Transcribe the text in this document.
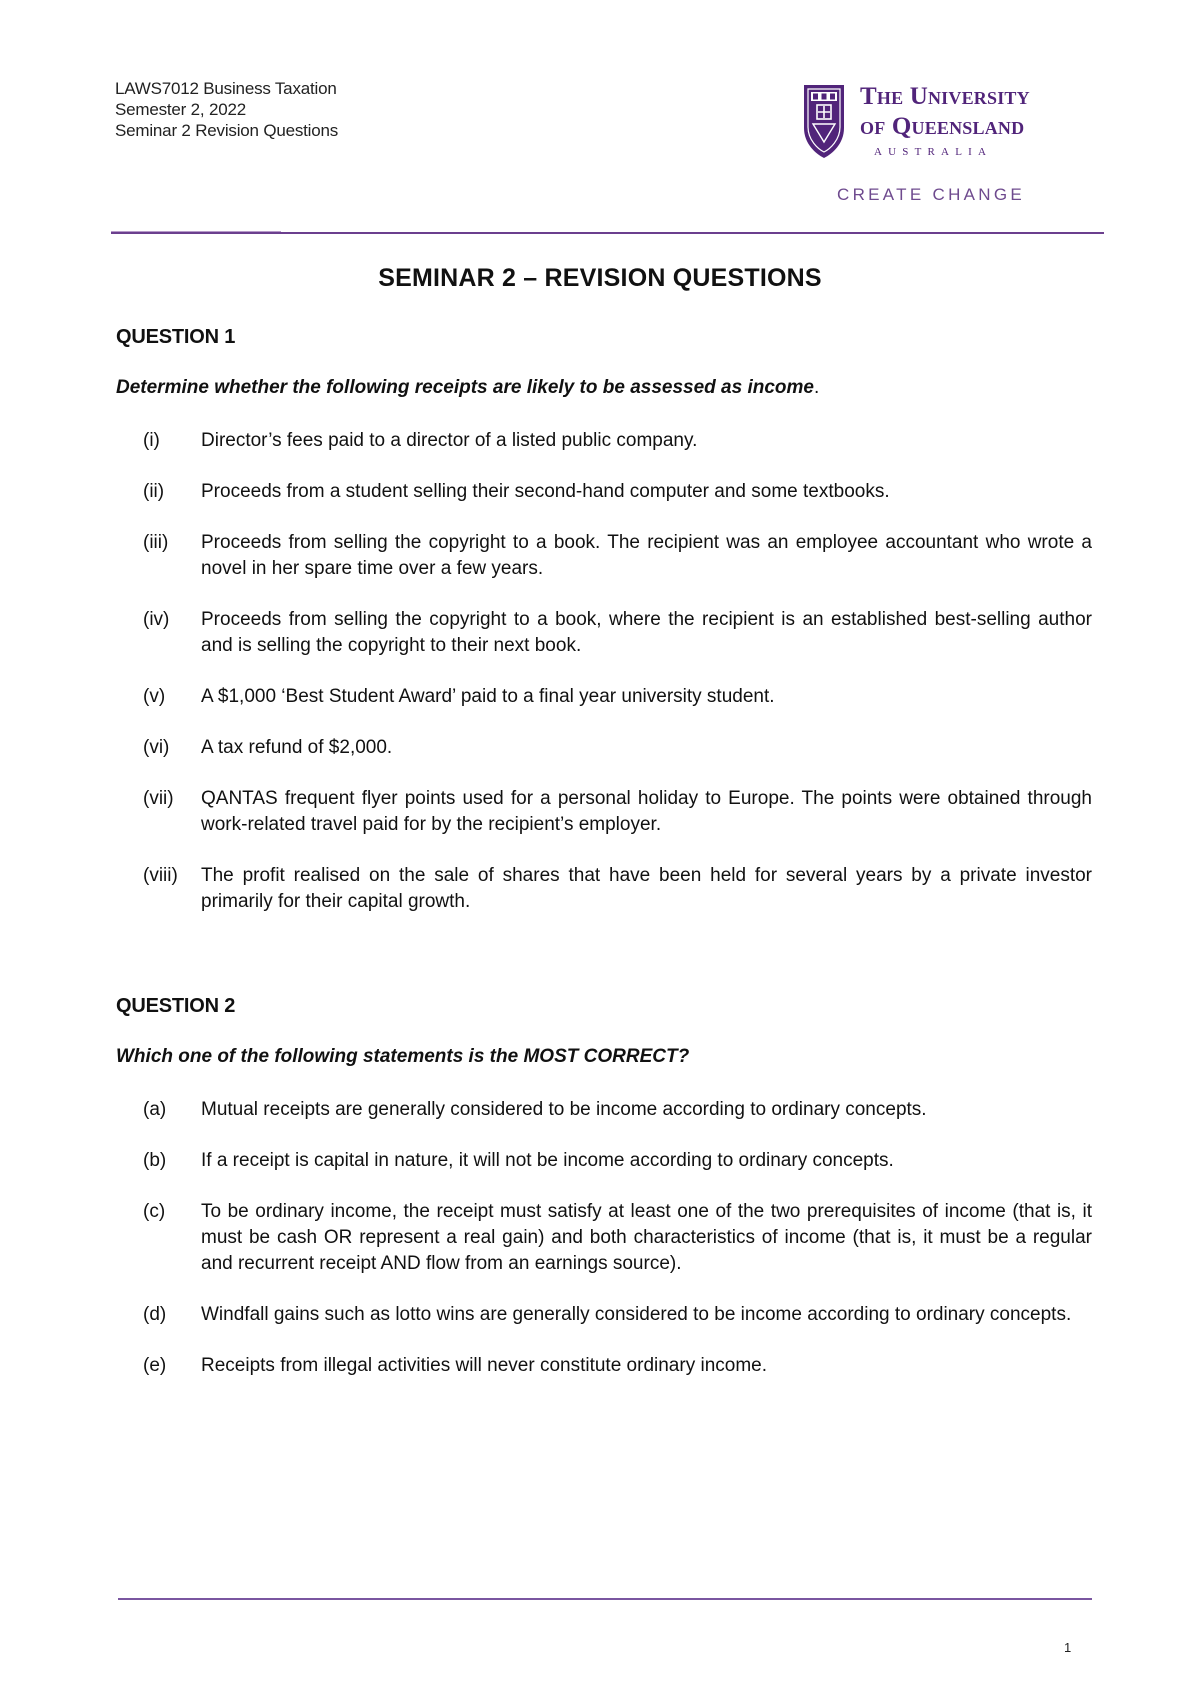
LAWS7012 Business Taxation
Semester 2, 2022
Seminar 2 Revision Questions
The University
of Queensland
AUSTRALIA
CREATE CHANGE
SEMINAR 2 – REVISION QUESTIONS
QUESTION 1
Determine whether the following receipts are likely to be assessed as income.
(i) Director’s fees paid to a director of a listed public company.
(ii) Proceeds from a student selling their second-hand computer and some textbooks.
(iii) Proceeds from selling the copyright to a book. The recipient was an employee accountant who wrote a novel in her spare time over a few years.
(iv) Proceeds from selling the copyright to a book, where the recipient is an established best-selling author and is selling the copyright to their next book.
(v) A $1,000 ‘Best Student Award’ paid to a final year university student.
(vi) A tax refund of $2,000.
(vii) QANTAS frequent flyer points used for a personal holiday to Europe. The points were obtained through work-related travel paid for by the recipient’s employer.
(viii) The profit realised on the sale of shares that have been held for several years by a private investor primarily for their capital growth.
QUESTION 2
Which one of the following statements is the MOST CORRECT?
(a) Mutual receipts are generally considered to be income according to ordinary concepts.
(b) If a receipt is capital in nature, it will not be income according to ordinary concepts.
(c) To be ordinary income, the receipt must satisfy at least one of the two prerequisites of income (that is, it must be cash OR represent a real gain) and both characteristics of income (that is, it must be a regular and recurrent receipt AND flow from an earnings source).
(d) Windfall gains such as lotto wins are generally considered to be income according to ordinary concepts.
(e) Receipts from illegal activities will never constitute ordinary income.
1
